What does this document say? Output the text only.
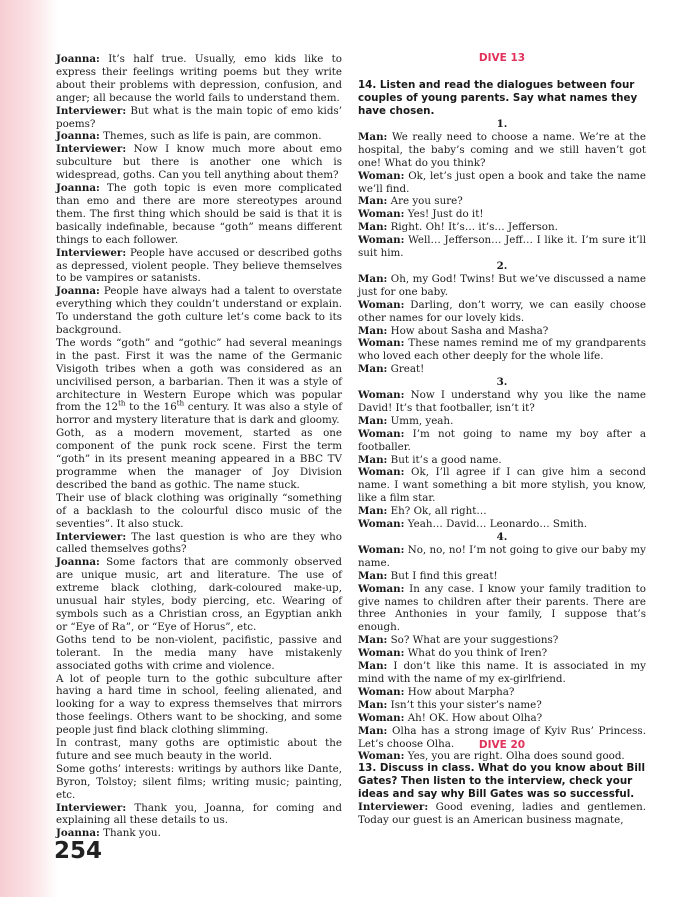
Joanna: It’s half true. Usually, emo kids like to express their feelings writing poems but they write about their problems with depression, confusion, and anger; all because the world fails to understand them.

Interviewer: But what is the main topic of emo kids’ poems?

Joanna: Themes, such as life is pain, are common.

Interviewer: Now I know much more about emo subculture but there is another one which is widespread, goths. Can you tell anything about them?

Joanna: The goth topic is even more complicated than emo and there are more stereotypes around them. The first thing which should be said is that it is basically indefinable, because “goth” means different things to each follower.

Interviewer: People have accused or described goths as depressed, violent people. They believe themselves to be vampires or satanists.

Joanna: People have always had a talent to overstate everything which they couldn’t understand or explain. To understand the goth culture let’s come back to its background.

The words “goth” and “gothic” had several meanings in the past. First it was the name of the Germanic Visigoth tribes when a goth was considered as an uncivilised person, a barbarian. Then it was a style of architecture in Western Europe which was popular from the 12th to the 16th century. It was also a style of horror and mystery literature that is dark and gloomy.

Goth, as a modern movement, started as one component of the punk rock scene. First the term “goth” in its present meaning appeared in a BBC TV programme when the manager of Joy Division described the band as gothic. The name stuck.

Their use of black clothing was originally “something of a backlash to the colourful disco music of the seventies”. It also stuck.

Interviewer: The last question is who are they who called themselves goths?

Joanna: Some factors that are commonly observed are unique music, art and literature. The use of extreme black clothing, dark-coloured make-up, unusual hair styles, body piercing, etc. Wearing of symbols such as a Christian cross, an Egyptian ankh or “Eye of Ra”, or “Eye of Horus”, etc.

Goths tend to be non-violent, pacifistic, passive and tolerant. In the media many have mistakenly associated goths with crime and violence.

A lot of people turn to the gothic subculture after having a hard time in school, feeling alienated, and looking for a way to express themselves that mirrors those feelings. Others want to be shocking, and some people just find black clothing slimming.

In contrast, many goths are optimistic about the future and see much beauty in the world.

Some goths’ interests: writings by authors like Dante, Byron, Tolstoy; silent films; writing music; painting, etc.

Interviewer: Thank you, Joanna, for coming and explaining all these details to us.

Joanna: Thank you.

DIVE 13

14. Listen and read the dialogues between four couples of young parents. Say what names they have chosen.

1.

Man: We really need to choose a name. We’re at the hospital, the baby’s coming and we still haven’t got one! What do you think?

Woman: Ok, let’s just open a book and take the name we’ll find.

Man: Are you sure?

Woman: Yes! Just do it!

Man: Right. Oh! It’s… it’s… Jefferson.

Woman: Well… Jefferson… Jeff… I like it. I’m sure it’ll suit him.

2.

Man: Oh, my God! Twins! But we’ve discussed a name just for one baby.

Woman: Darling, don’t worry, we can easily choose other names for our lovely kids.

Man: How about Sasha and Masha?

Woman: These names remind me of my grandparents who loved each other deeply for the whole life.

Man: Great!

3.

Woman: Now I understand why you like the name David! It’s that footballer, isn’t it?

Man: Umm, yeah.

Woman: I’m not going to name my boy after a footballer.

Man: But it’s a good name.

Woman: Ok, I’ll agree if I can give him a second name. I want something a bit more stylish, you know, like a film star.

Man: Eh? Ok, all right…

Woman: Yeah… David… Leonardo… Smith.

4.

Woman: No, no, no! I’m not going to give our baby my name.

Man: But I find this great!

Woman: In any case. I know your family tradition to give names to children after their parents. There are three Anthonies in your family, I suppose that’s enough.

Man: So? What are your suggestions?

Woman: What do you think of Iren?

Man: I don’t like this name. It is associated in my mind with the name of my ex-girlfriend.

Woman: How about Marpha?

Man: Isn’t this your sister’s name?

Woman: Ah! OK. How about Olha?

Man: Olha has a strong image of Kyiv Rus’ Princess. Let’s choose Olha.

Woman: Yes, you are right. Olha does sound good.

DIVE 20

13. Discuss in class. What do you know about Bill Gates? Then listen to the interview, check your ideas and say why Bill Gates was so successful.

Interviewer: Good evening, ladies and gentlemen. Today our guest is an American business magnate,

254
